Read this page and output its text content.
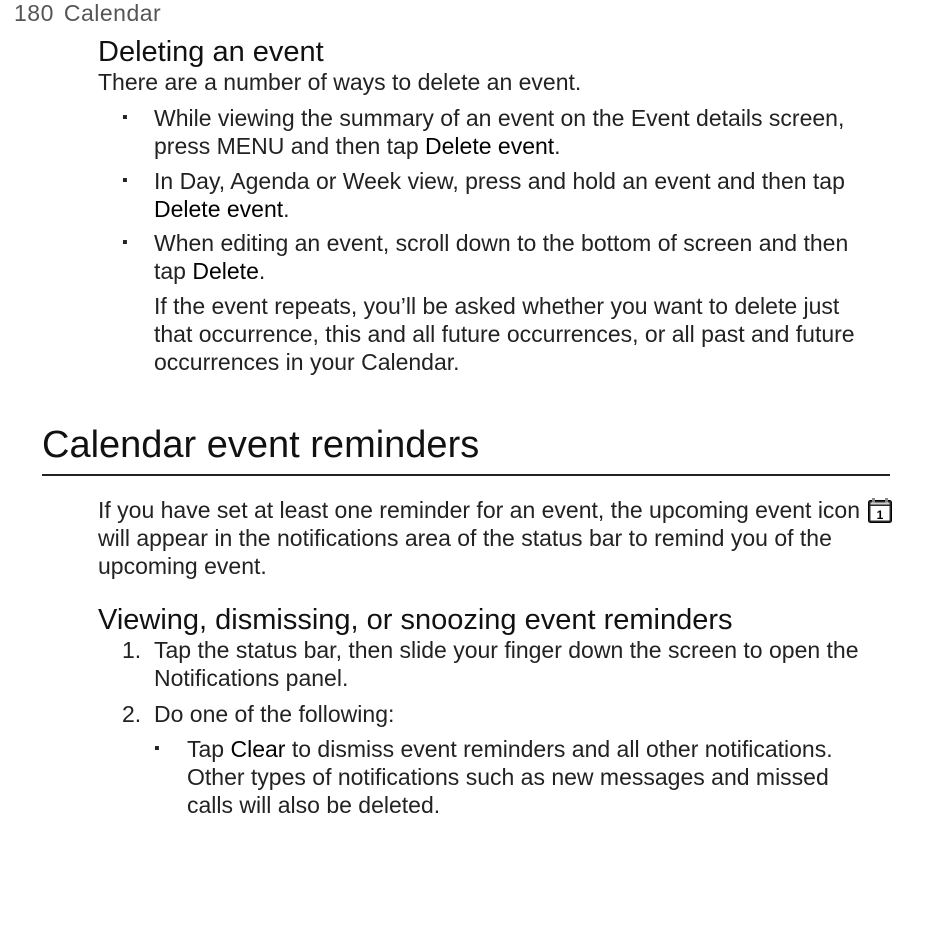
180 Calendar
Deleting an event
There are a number of ways to delete an event.
▪	While viewing the summary of an event on the Event details screen, press MENU and then tap Delete event.
▪	In Day, Agenda or Week view, press and hold an event and then tap Delete event.
▪	When editing an event, scroll down to the bottom of screen and then tap Delete.
If the event repeats, you’ll be asked whether you want to delete just that occurrence, this and all future occurrences, or all past and future occurrences in your Calendar.
Calendar event reminders
If you have set at least one reminder for an event, the upcoming event icon 1
will appear in the notifications area of the status bar to remind you of the upcoming event.
Viewing, dismissing, or snoozing event reminders
1. Tap the status bar, then slide your finger down the screen to open the Notifications panel.
2. Do one of the following:
▪ Tap Clear to dismiss event reminders and all other notifications. Other types of notifications such as new messages and missed calls will also be deleted.
